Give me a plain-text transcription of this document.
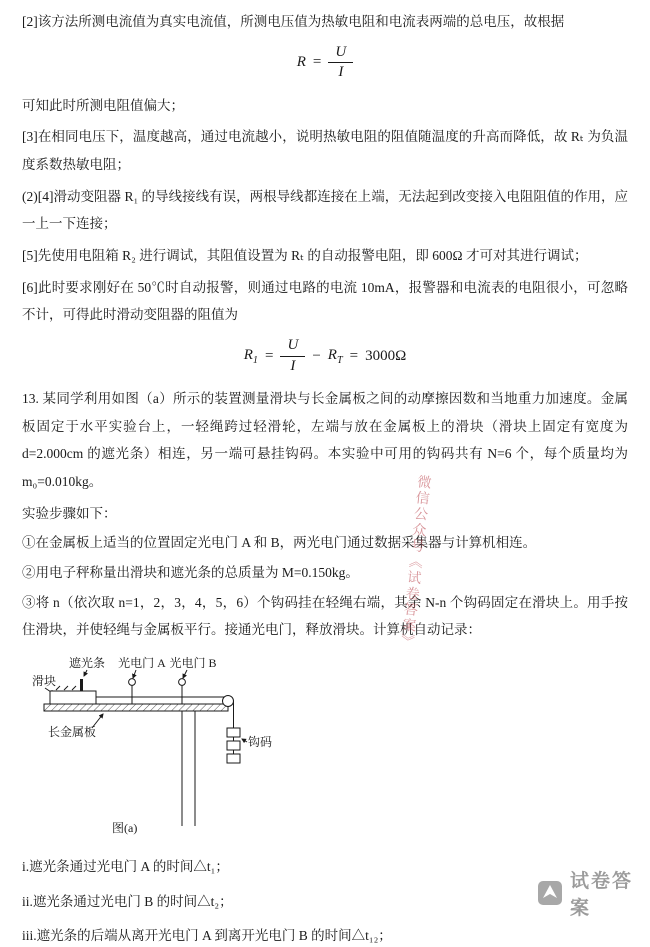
[2]该方法所测电流值为真实电流值，所测电压值为热敏电阻和电流表两端的总电压，故根据

$R = \frac{U}{I}$

可知此时所测电阻值偏大；

[3]在相同电压下，温度越高，通过电流越小，说明热敏电阻的阻值随温度的升高而降低，故 Rₜ 为负温度系数热敏电阻；

(2)[4]滑动变阻器 R₁ 的导线接线有误，两根导线都连接在上端，无法起到改变接入电阻阻值的作用，应一上一下连接；

[5]先使用电阻箱 R₂ 进行调试，其阻值设置为 Rₜ 的自动报警电阻，即 600Ω 才可对其进行调试；

[6]此时要求刚好在 50℃时自动报警，则通过电路的电流 10mA，报警器和电流表的电阻很小，可忽略不计，可得此时滑动变阻器的阻值为

$R_1 = \frac{U}{I} - R_T = 3000\Omega$

13. 某同学利用如图（a）所示的装置测量滑块与长金属板之间的动摩擦因数和当地重力加速度。金属板固定于水平实验台上，一轻绳跨过轻滑轮，左端与放在金属板上的滑块（滑块上固定有宽度为 d=2.000cm 的遮光条）相连，另一端可悬挂钩码。本实验中可用的钩码共有 N=6 个，每个质量均为 m₀=0.010kg。

实验步骤如下：

①在金属板上适当的位置固定光电门 A 和 B，两光电门通过数据采集器与计算机相连。

②用电子秤称量出滑块和遮光条的总质量为 M=0.150kg。

③将 n（依次取 n=1，2，3，4，5，6）个钩码挂在轻绳右端，其余 N-n 个钩码固定在滑块上。用手按住滑块，并使轻绳与金属板平行。接通光电门，释放滑块。计算机自动记录：

遮光条 光电门 A 光电门 B
滑块
钩码
长金属板
图(a)

i.遮光条通过光电门 A 的时间△t₁；

ii.遮光条通过光电门 B 的时间△t₂；

iii.遮光条的后端从离开光电门 A 到离开光电门 B 的时间△t₁₂；

微信公众号《试卷答案》
试卷答案
